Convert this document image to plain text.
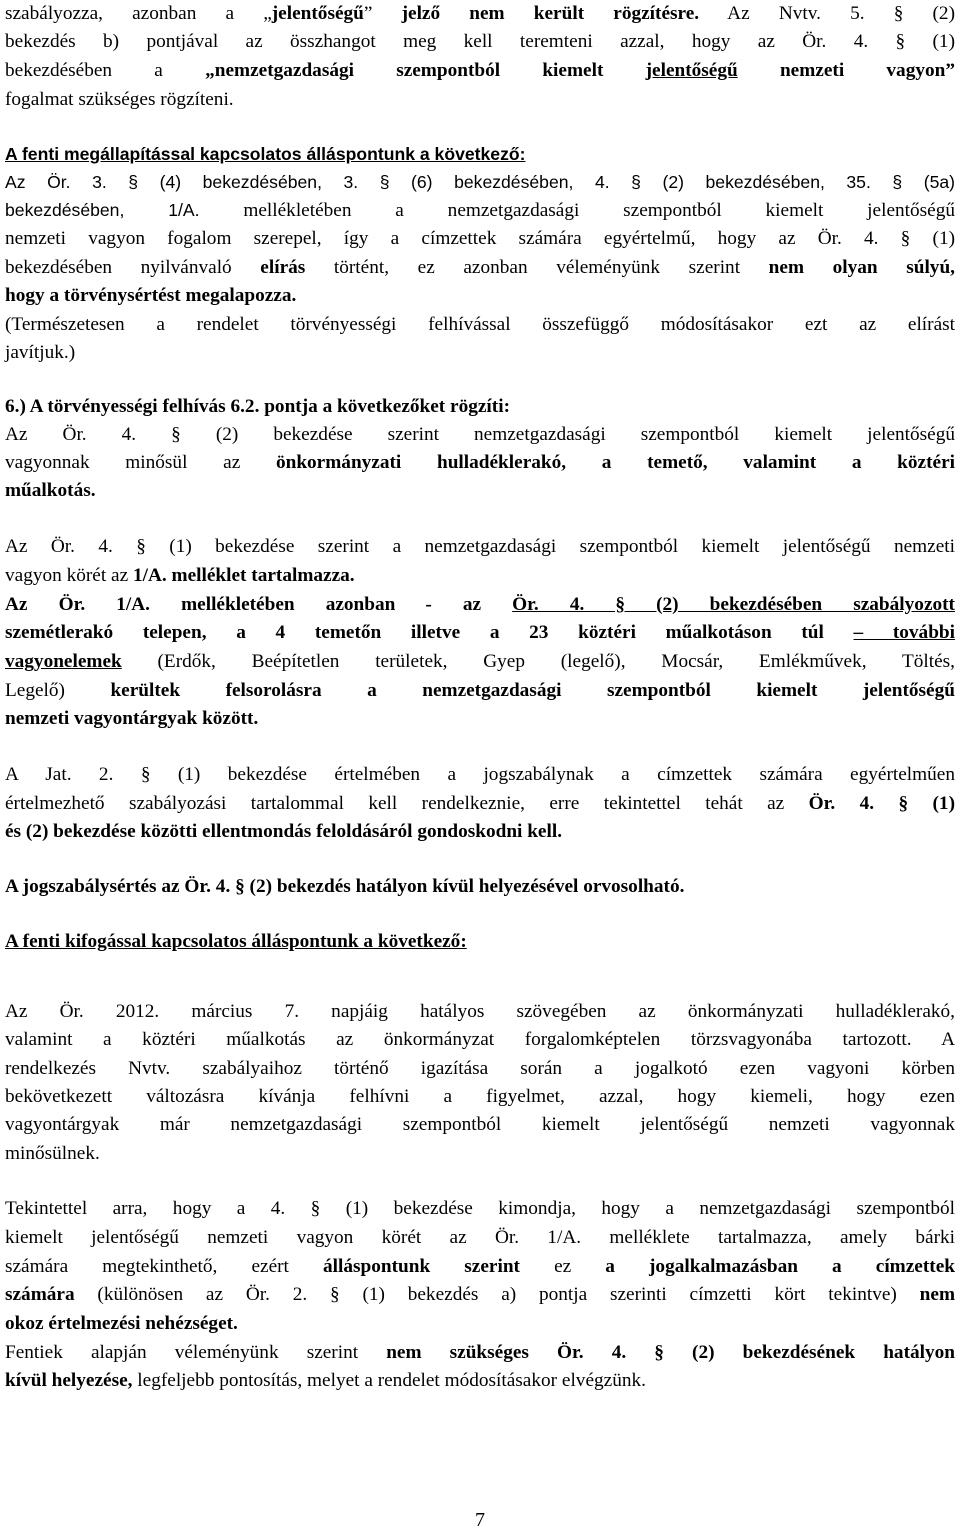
szabályozza, azonban a „jelentőségű” jelző nem került rögzítésre. Az Nvtv. 5. § (2)
bekezdés b) pontjával az összhangot meg kell teremteni azzal, hogy az Ör. 4. § (1)
bekezdésében a „nemzetgazdasági szempontból kiemelt jelentőségű nemzeti vagyon”
fogalmat szükséges rögzíteni.
A fenti megállapítással kapcsolatos álláspontunk a következő:
Az Ör. 3. § (4) bekezdésében, 3. § (6) bekezdésében, 4. § (2) bekezdésében, 35. § (5a)
bekezdésében, 1/A. mellékletében a nemzetgazdasági szempontból kiemelt jelentőségű
nemzeti vagyon fogalom szerepel, így a címzettek számára egyértelmű, hogy az Ör. 4. § (1)
bekezdésében nyilvánvaló elírás történt, ez azonban véleményünk szerint nem olyan súlyú,
hogy a törvénysértést megalapozza.
(Természetesen a rendelet törvényességi felhívással összefüggő módosításakor ezt az elírást
javítjuk.)
6.) A törvényességi felhívás 6.2. pontja a következőket rögzíti:
Az Ör. 4. § (2) bekezdése szerint nemzetgazdasági szempontból kiemelt jelentőségű
vagyonnak minősül az önkormányzati hulladéklerakó, a temető, valamint a köztéri
műalkotás.
Az Ör. 4. § (1) bekezdése szerint a nemzetgazdasági szempontból kiemelt jelentőségű nemzeti
vagyon körét az 1/A. melléklet tartalmazza.
Az Ör. 1/A. mellékletében azonban - az Ör. 4. § (2) bekezdésében szabályozott
szemétlerakó telepen, a 4 temetőn illetve a 23 köztéri műalkotáson túl – további
vagyonelemek (Erdők, Beépítetlen területek, Gyep (legelő), Mocsár, Emlékművek, Töltés,
Legelő) kerültek felsorolásra a nemzetgazdasági szempontból kiemelt jelentőségű
nemzeti vagyontárgyak között.
A Jat. 2. § (1) bekezdése értelmében a jogszabálynak a címzettek számára egyértelműen
értelmezhető szabályozási tartalommal kell rendelkeznie, erre tekintettel tehát az Ör. 4. § (1)
és (2) bekezdése közötti ellentmondás feloldásáról gondoskodni kell.
A jogszabálysértés az Ör. 4. § (2) bekezdés hatályon kívül helyezésével orvosolható.
A fenti kifogással kapcsolatos álláspontunk a következő:
Az Ör. 2012. március 7. napjáig hatályos szövegében az önkormányzati hulladéklerakó,
valamint a köztéri műalkotás az önkormányzat forgalomképtelen törzsvagyonába tartozott. A
rendelkezés Nvtv. szabályaihoz történő igazítása során a jogalkotó ezen vagyoni körben
bekövetkezett változásra kívánja felhívni a figyelmet, azzal, hogy kiemeli, hogy ezen
vagyontárgyak már nemzetgazdasági szempontból kiemelt jelentőségű nemzeti vagyonnak
minősülnek.
Tekintettel arra, hogy a 4. § (1) bekezdése kimondja, hogy a nemzetgazdasági szempontból
kiemelt jelentőségű nemzeti vagyon körét az Ör. 1/A. melléklete tartalmazza, amely bárki
számára megtekinthető, ezért álláspontunk szerint ez a jogalkalmazásban a címzettek
számára (különösen az Ör. 2. § (1) bekezdés a) pontja szerinti címzetti kört tekintve) nem
okoz értelmezési nehézséget.
Fentiek alapján véleményünk szerint nem szükséges Ör. 4. § (2) bekezdésének hatályon
kívül helyezése, legfeljebb pontosítás, melyet a rendelet módosításakor elvégzünk.
7
